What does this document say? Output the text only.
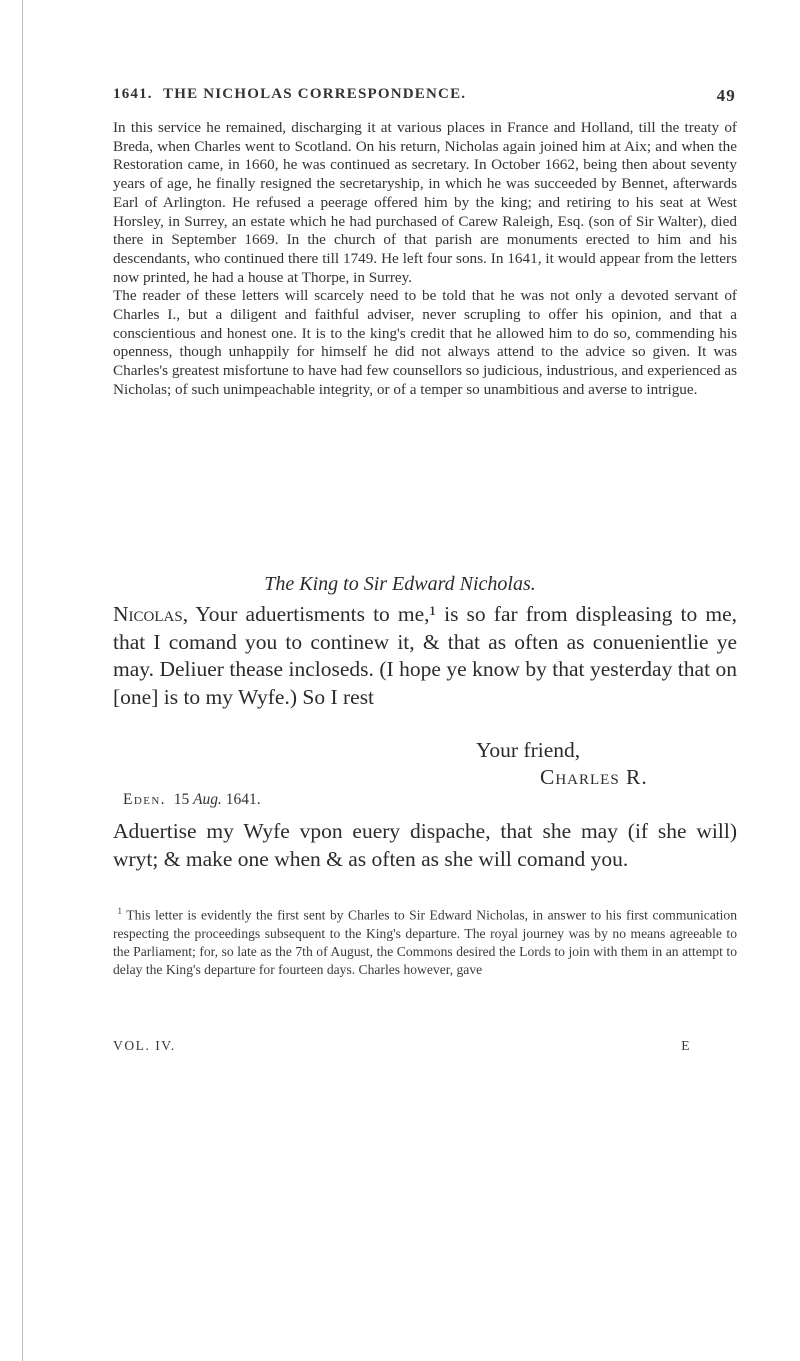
1641. THE NICHOLAS CORRESPONDENCE.	49

In this service he remained, discharging it at various places in France and Holland, till the treaty of Breda, when Charles went to Scotland. On his return, Nicholas again joined him at Aix; and when the Restoration came, in 1660, he was continued as secretary. In October 1662, being then about seventy years of age, he finally resigned the secretaryship, in which he was succeeded by Bennet, afterwards Earl of Arlington. He refused a peerage offered him by the king; and retiring to his seat at West Horsley, in Surrey, an estate which he had purchased of Carew Raleigh, Esq. (son of Sir Walter), died there in September 1669. In the church of that parish are monuments erected to him and his descendants, who continued there till 1749. He left four sons. In 1641, it would appear from the letters now printed, he had a house at Thorpe, in Surrey.

The reader of these letters will scarcely need to be told that he was not only a devoted servant of Charles I., but a diligent and faithful adviser, never scrupling to offer his opinion, and that a conscientious and honest one. It is to the king's credit that he allowed him to do so, commending his openness, though unhappily for himself he did not always attend to the advice so given. It was Charles's greatest misfortune to have had few counsellors so judicious, industrious, and experienced as Nicholas; of such unimpeachable integrity, or of a temper so unambitious and averse to intrigue.

The King to Sir Edward Nicholas.

Nicolas, Your aduertisments to me,¹ is so far from displeasing to me, that I comand you to continew it, & that as often as conuenientlie ye may. Deliuer thease incloseds. (I hope ye know by that yesterday that on [one] is to my Wyfe.) So I rest

Your friend,
Charles R.
Eden. 15 Aug. 1641.
Aduertise my Wyfe vpon euery dispache, that she may (if she will) wryt; & make one when & as often as she will comand you.
$^1$ This letter is evidently the first sent by Charles to Sir Edward Nicholas, in answer to his first communication respecting the proceedings subsequent to the King's departure. The royal journey was by no means agreeable to the Parliament; for, so late as the 7th of August, the Commons desired the Lords to join with them in an attempt to delay the King's departure for fourteen days. Charles however, gave
VOL. IV.	E
